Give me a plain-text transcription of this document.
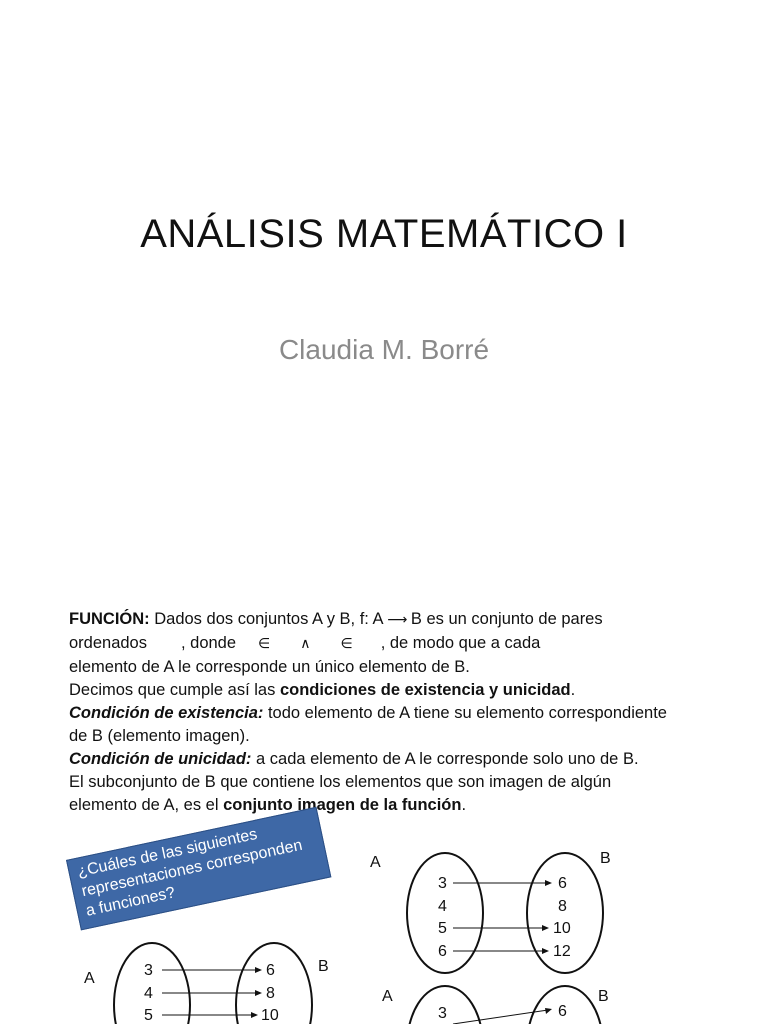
ANÁLISIS MATEMÁTICO I
Claudia M. Borré

FUNCIÓN: Dados dos conjuntos A y B, f: A ⟶ B es un conjunto de pares

ordenados , donde ∈ ∧ ∈ , de modo que a cada

elemento de A le corresponde un único elemento de B.

Decimos que cumple así las condiciones de existencia y unicidad.

Condición de existencia: todo elemento de A tiene su elemento correspondiente de B (elemento imagen).

Condición de unicidad: a cada elemento de A le corresponde solo uno de B.

El subconjunto de B que contiene los elementos que son imagen de algún elemento de A, es el conjunto imagen de la función.

¿Cuáles de las siguientes representaciones corresponden a funciones?
A
B
3
4
5
6
8
10
A	B
3
4
5
6
6
8
10
12
A	B
3	6
